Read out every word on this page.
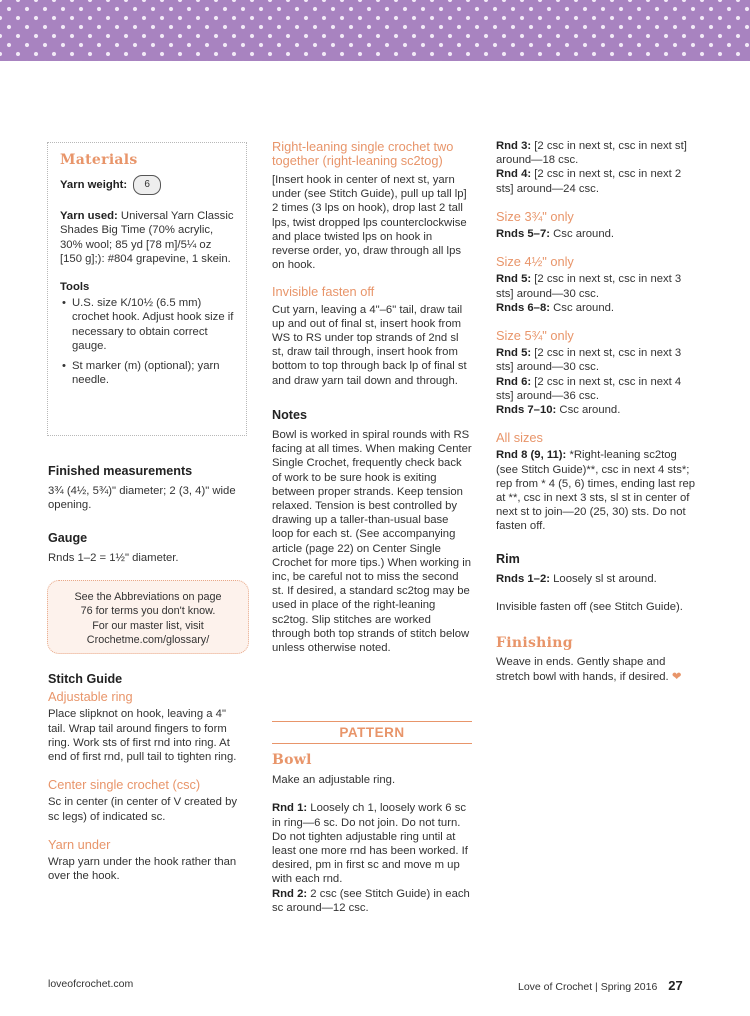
Materials

Yarn weight: 6

Yarn used: Universal Yarn Classic Shades Big Time (70% acrylic, 30% wool; 85 yd [78 m]/5¼ oz [150 g];): #804 grapevine, 1 skein.

Tools

• U.S. size K/10½ (6.5 mm) crochet hook. Adjust hook size if necessary to obtain correct gauge.
• St marker (m) (optional); yarn needle.

Finished measurements

3¾ (4½, 5¾)" diameter; 2 (3, 4)" wide opening.

Gauge

Rnds 1–2 = 1½" diameter.

See the Abbreviations on page
76 for terms you don't know.
For our master list, visit
Crochetme.com/glossary/

Stitch Guide

Adjustable ring

Place slipknot on hook, leaving a 4" tail. Wrap tail around fingers to form ring. Work sts of first rnd into ring. At end of first rnd, pull tail to tighten ring.

Center single crochet (csc)

Sc in center (in center of V created by sc legs) of indicated sc.

Yarn under

Wrap yarn under the hook rather than over the hook.

Right-leaning single crochet two together (right-leaning sc2tog)

[Insert hook in center of next st, yarn under (see Stitch Guide), pull up tall lp] 2 times (3 lps on hook), drop last 2 tall lps, twist dropped lps counterclockwise and place twisted lps on hook in reverse order, yo, draw through all lps on hook.

Invisible fasten off

Cut yarn, leaving a 4"–6" tail, draw tail up and out of final st, insert hook from WS to RS under top strands of 2nd sl st, draw tail through, insert hook from bottom to top through back lp of final st and draw yarn tail down and through.

Notes

Bowl is worked in spiral rounds with RS facing at all times. When making Center Single Crochet, frequently check back of work to be sure hook is exiting between proper strands. Keep tension relaxed. Tension is best controlled by drawing up a taller-than-usual base loop for each st. (See accompanying article (page 22) on Center Single Crochet for more tips.) When working in inc, be careful not to miss the second st. If desired, a standard sc2tog may be used in place of the right-leaning sc2tog. Slip stitches are worked through both top strands of stitch below unless otherwise noted.

PATTERN

Bowl

Make an adjustable ring.

Rnd 1: Loosely ch 1, loosely work 6 sc in ring—6 sc. Do not join. Do not turn. Do not tighten adjustable ring until at least one more rnd has been worked. If desired, pm in first sc and move m up with each rnd.

Rnd 2: 2 csc (see Stitch Guide) in each sc around—12 csc.

Rnd 3: [2 csc in next st, csc in next st] around—18 csc.

Rnd 4: [2 csc in next st, csc in next 2 sts] around—24 csc.

Size 3¾" only

Rnds 5–7: Csc around.

Size 4½" only

Rnd 5: [2 csc in next st, csc in next 3 sts] around—30 csc.

Rnds 6–8: Csc around.

Size 5¾" only

Rnd 5: [2 csc in next st, csc in next 3 sts] around—30 csc.

Rnd 6: [2 csc in next st, csc in next 4 sts] around—36 csc.

Rnds 7–10: Csc around.

All sizes

Rnd 8 (9, 11): *Right-leaning sc2tog (see Stitch Guide)**, csc in next 4 sts*; rep from * 4 (5, 6) times, ending last rep at **, csc in next 3 sts, sl st in center of next st to join—20 (25, 30) sts. Do not fasten off.

Rim

Rnds 1–2: Loosely sl st around.

Invisible fasten off (see Stitch Guide).

Finishing

Weave in ends. Gently shape and stretch bowl with hands, if desired. ❤

loveofcrochet.com	Love of Crochet | Spring 2016 27
